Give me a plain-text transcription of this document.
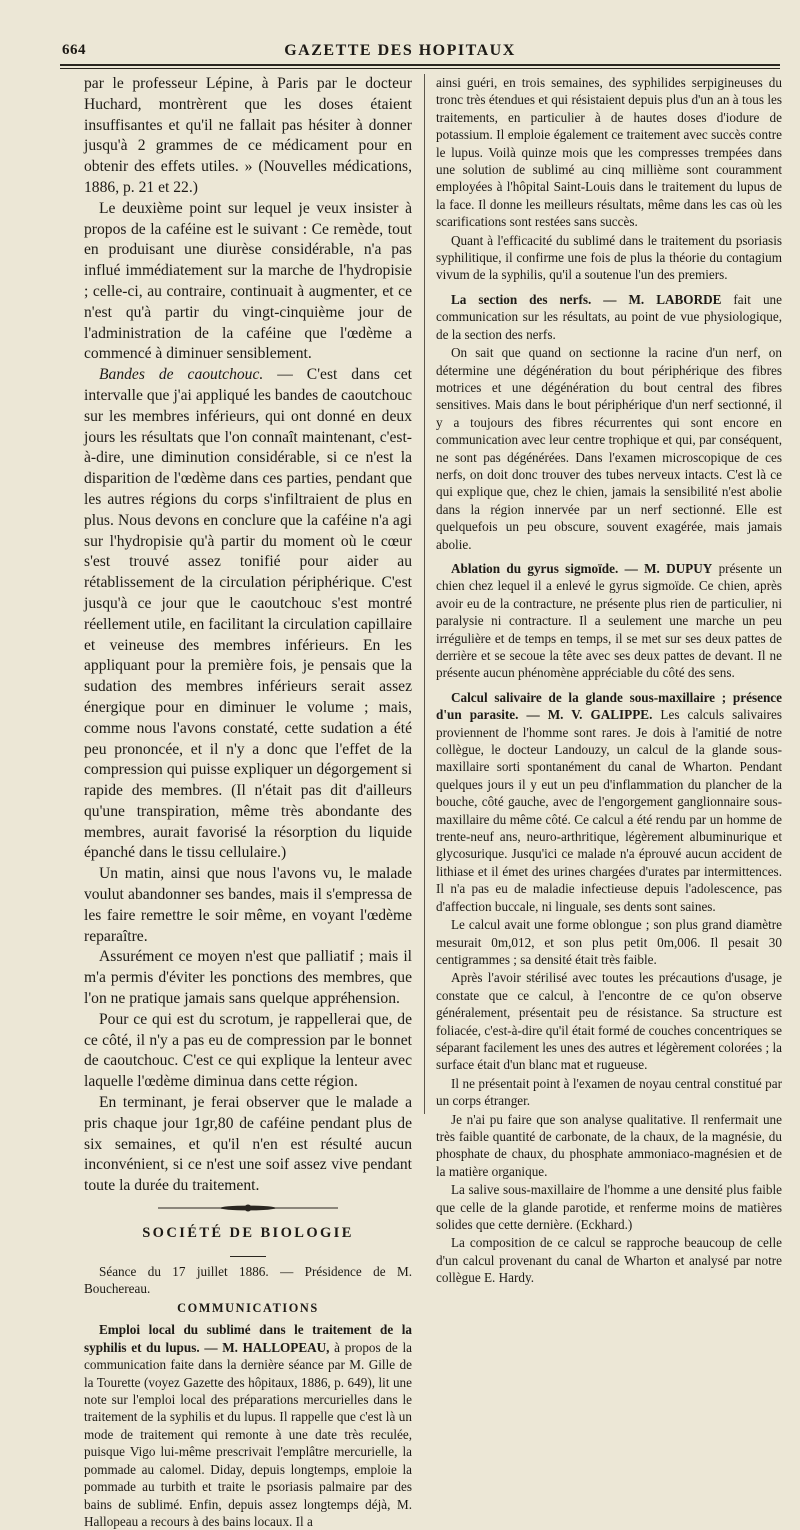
664	GAZETTE DES HOPITAUX

par le professeur Lépine, à Paris par le docteur Huchard, montrèrent que les doses étaient insuffisantes et qu'il ne fallait pas hésiter à donner jusqu'à 2 grammes de ce médicament pour en obtenir des effets utiles. » (Nouvelles médications, 1886, p. 21 et 22.)

Le deuxième point sur lequel je veux insister à propos de la caféine est le suivant : Ce remède, tout en produisant une diurèse considérable, n'a pas influé immédiatement sur la marche de l'hydropisie ; celle-ci, au contraire, continuait à augmenter, et ce n'est qu'à partir du vingt-cinquième jour de l'administration de la caféine que l'œdème a commencé à diminuer sensiblement.

Bandes de caoutchouc. — C'est dans cet intervalle que j'ai appliqué les bandes de caoutchouc sur les membres inférieurs, qui ont donné en deux jours les résultats que l'on connaît maintenant, c'est-à-dire, une diminution considérable, si ce n'est la disparition de l'œdème dans ces parties, pendant que les autres régions du corps s'infiltraient de plus en plus. Nous devons en conclure que la caféine n'a agi sur l'hydropisie qu'à partir du moment où le cœur s'est trouvé assez tonifié pour aider au rétablissement de la circulation périphérique. C'est jusqu'à ce jour que le caoutchouc s'est montré réellement utile, en facilitant la circulation capillaire et veineuse des membres inférieurs. En les appliquant pour la première fois, je pensais que la sudation des membres inférieurs serait assez énergique pour en diminuer le volume ; mais, comme nous l'avons constaté, cette sudation a été peu prononcée, et il n'y a donc que l'effet de la compression qui puisse expliquer un dégorgement si rapide des membres. (Il n'était pas dit d'ailleurs qu'une transpiration, même très abondante des membres, aurait favorisé la résorption du liquide épanché dans le tissu cellulaire.)

Un matin, ainsi que nous l'avons vu, le malade voulut abandonner ses bandes, mais il s'empressa de les faire remettre le soir même, en voyant l'œdème reparaître.

Assurément ce moyen n'est que palliatif ; mais il m'a permis d'éviter les ponctions des membres, que l'on ne pratique jamais sans quelque appréhension.

Pour ce qui est du scrotum, je rappellerai que, de ce côté, il n'y a pas eu de compression par le bonnet de caoutchouc. C'est ce qui explique la lenteur avec laquelle l'œdème diminua dans cette région.

En terminant, je ferai observer que le malade a pris chaque jour 1gr,80 de caféine pendant plus de six semaines, et qu'il n'en est résulté aucun inconvénient, si ce n'est une soif assez vive pendant toute la durée du traitement.

SOCIÉTÉ DE BIOLOGIE

Séance du 17 juillet 1886. — Présidence de M. Bouchereau.

COMMUNICATIONS

Emploi local du sublimé dans le traitement de la syphilis et du lupus. — M. HALLOPEAU, à propos de la communication faite dans la dernière séance par M. Gille de la Tourette (voyez Gazette des hôpitaux, 1886, p. 649), lit une note sur l'emploi local des préparations mercurielles dans le traitement de la syphilis et du lupus. Il rappelle que c'est là un mode de traitement qui remonte à une date très reculée, puisque Vigo lui-même prescrivait l'emplâtre mercurielle, la pommade au calomel. Diday, depuis longtemps, emploie la pommade au turbith et traite le psoriasis palmaire par des bains de sublimé. Enfin, depuis assez longtemps déjà, M. Hallopeau a recours à des bains locaux. Il a

ainsi guéri, en trois semaines, des syphilides serpigineuses du tronc très étendues et qui résistaient depuis plus d'un an à tous les traitements, en particulier à de hautes doses d'iodure de potassium. Il emploie également ce traitement avec succès contre le lupus. Voilà quinze mois que les compresses trempées dans une solution de sublimé au cinq millième sont couramment employées à l'hôpital Saint-Louis dans le traitement du lupus de la face. Il donne les meilleurs résultats, même dans les cas où les scarifications sont restées sans succès.

Quant à l'efficacité du sublimé dans le traitement du psoriasis syphilitique, il confirme une fois de plus la théorie du contagium vivum de la syphilis, qu'il a soutenue l'un des premiers.

La section des nerfs. — M. LABORDE fait une communication sur les résultats, au point de vue physiologique, de la section des nerfs.

On sait que quand on sectionne la racine d'un nerf, on détermine une dégénération du bout périphérique des fibres motrices et une dégénération du bout central des fibres sensitives. Mais dans le bout périphérique d'un nerf sectionné, il y a toujours des fibres récurrentes qui sont encore en communication avec leur centre trophique et qui, par conséquent, ne sont pas dégénérées. Dans l'examen microscopique de ces nerfs, on doit donc trouver des tubes nerveux intacts. C'est là ce qui explique que, chez le chien, jamais la sensibilité n'est abolie dans la région innervée par un nerf sectionné. Elle est quelquefois un peu obscure, souvent exagérée, mais jamais abolie.

Ablation du gyrus sigmoïde. — M. DUPUY présente un chien chez lequel il a enlevé le gyrus sigmoïde. Ce chien, après avoir eu de la contracture, ne présente plus rien de particulier, ni paralysie ni contracture. Il a seulement une marche un peu irrégulière et de temps en temps, il se met sur ses deux pattes de derrière et se secoue la tête avec ses deux pattes de devant. Il ne présente aucun phénomène appréciable du côté des sens.

Calcul salivaire de la glande sous-maxillaire ; présence d'un parasite. — M. V. GALIPPE. Les calculs salivaires proviennent de l'homme sont rares. Je dois à l'amitié de notre collègue, le docteur Landouzy, un calcul de la glande sous-maxillaire sorti spontanément du canal de Wharton. Pendant quelques jours il y eut un peu d'inflammation du plancher de la bouche, côté gauche, avec de l'engorgement ganglionnaire sous-maxillaire du même côté. Ce calcul a été rendu par un homme de trente-neuf ans, neuro-arthritique, légèrement albuminurique et glycosurique. Jusqu'ici ce malade n'a éprouvé aucun accident de lithiase et il émet des urines chargées d'urates par intermittences. Il n'a pas eu de maladie infectieuse depuis l'adolescence, pas d'affection buccale, ni linguale, ses dents sont saines.

Le calcul avait une forme oblongue ; son plus grand diamètre mesurait 0m,012, et son plus petit 0m,006. Il pesait 30 centigrammes ; sa densité était très faible.

Après l'avoir stérilisé avec toutes les précautions d'usage, je constate que ce calcul, à l'encontre de ce qu'on observe généralement, présentait peu de résistance. Sa structure est foliacée, c'est-à-dire qu'il était formé de couches concentriques se séparant facilement les unes des autres et légèrement colorées ; la surface était d'un blanc mat et rugueuse.

Il ne présentait point à l'examen de noyau central constitué par un corps étranger.

Je n'ai pu faire que son analyse qualitative. Il renfermait une très faible quantité de carbonate, de la chaux, de la magnésie, du phosphate de chaux, du phosphate ammoniaco-magnésien et de la matière organique.

La salive sous-maxillaire de l'homme a une densité plus faible que celle de la glande parotide, et renferme moins de matières solides que cette dernière. (Eckhard.)

La composition de ce calcul se rapproche beaucoup de celle d'un calcul provenant du canal de Wharton et analysé par notre collègue E. Hardy.
